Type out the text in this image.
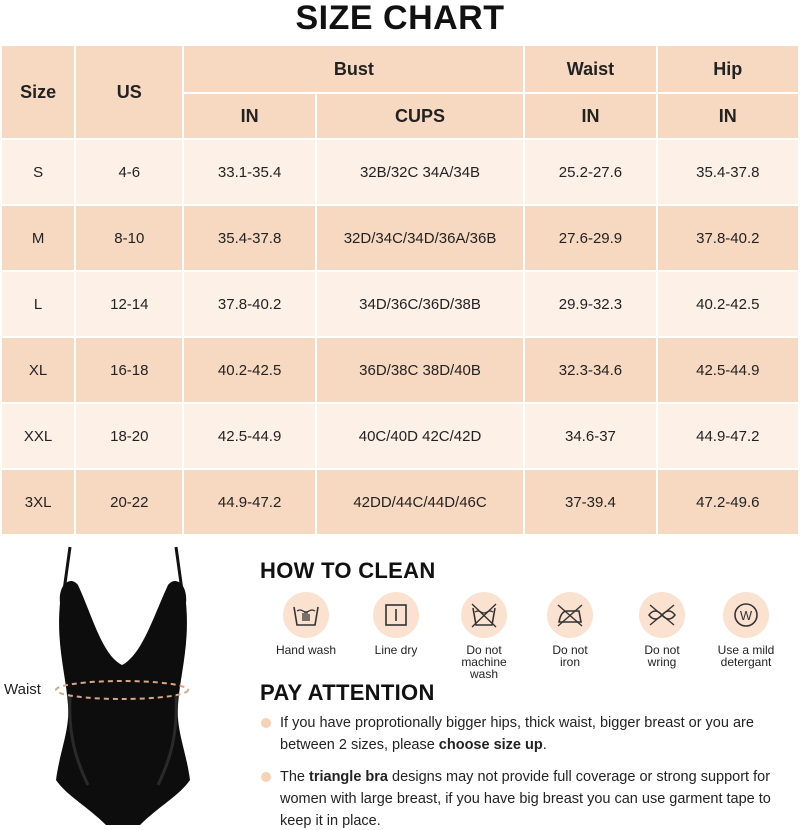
SIZE CHART
Size	US	Bust		Waist	Hip
		IN	CUPS	IN	IN
S	4-6	33.1-35.4	32B/32C 34A/34B	25.2-27.6	35.4-37.8
M	8-10	35.4-37.8	32D/34C/34D/36A/36B	27.6-29.9	37.8-40.2
L	12-14	37.8-40.2	34D/36C/36D/38B	29.9-32.3	40.2-42.5
XL	16-18	40.2-42.5	36D/38C 38D/40B	32.3-34.6	42.5-44.9
XXL	18-20	42.5-44.9	40C/40D 42C/42D	34.6-37	44.9-47.2
3XL	20-22	44.9-47.2	42DD/44C/44D/46C	37-39.4	47.2-49.6
Waist
HOW TO CLEAN
Hand wash	Line dry	Do not
machine
wash
Do not
iron
Do not
wring
W
Use a mild
detergant
PAY ATTENTION
If you have proprotionally bigger hips, thick waist, bigger breast or you are between 2 sizes, please choose size up.
The triangle bra designs may not provide full coverage or strong support for women with large breast, if you have big breast you can use garment tape to keep it in place.
